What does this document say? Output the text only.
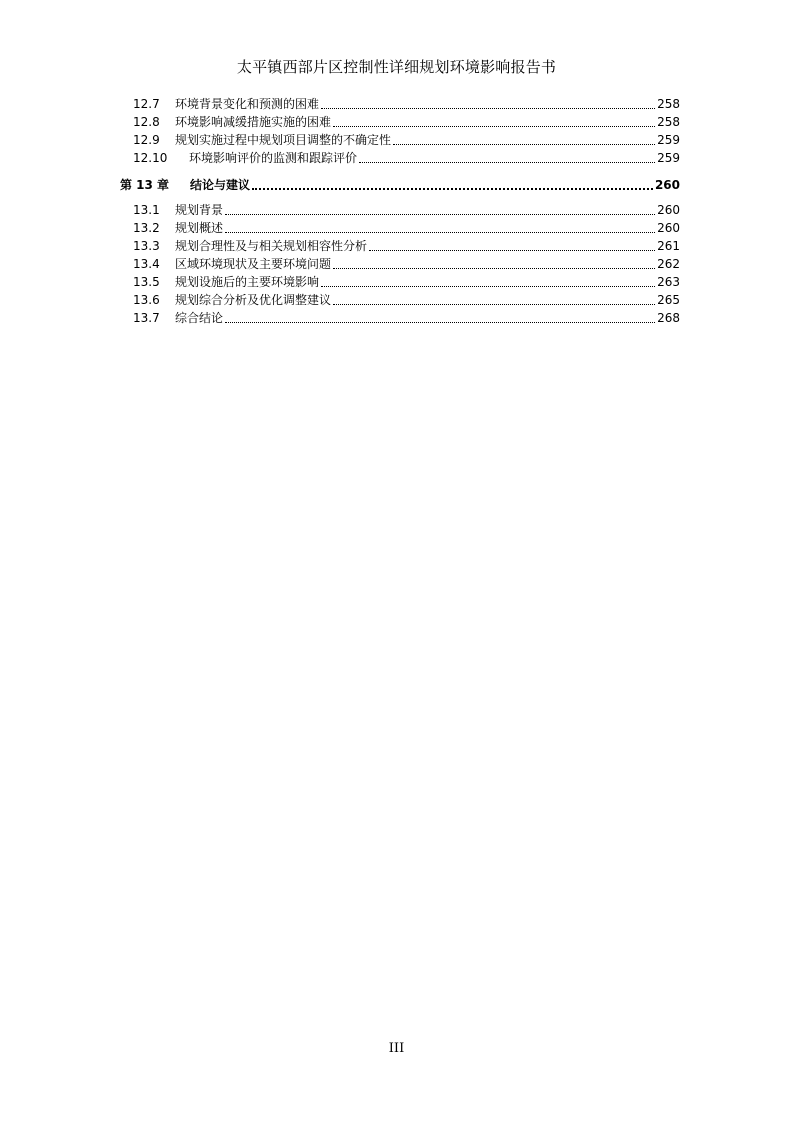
太平镇西部片区控制性详细规划环境影响报告书
12.7	环境背景变化和预测的困难	258
12.8	环境影响减缓措施实施的困难	258
12.9	规划实施过程中规划项目调整的不确定性	259
12.10	环境影响评价的监测和跟踪评价	259
第 13 章	结论与建议	260
13.1	规划背景	260
13.2	规划概述	260
13.3	规划合理性及与相关规划相容性分析	261
13.4	区域环境现状及主要环境问题	262
13.5	规划设施后的主要环境影响	263
13.6	规划综合分析及优化调整建议	265
13.7	综合结论	268
III
